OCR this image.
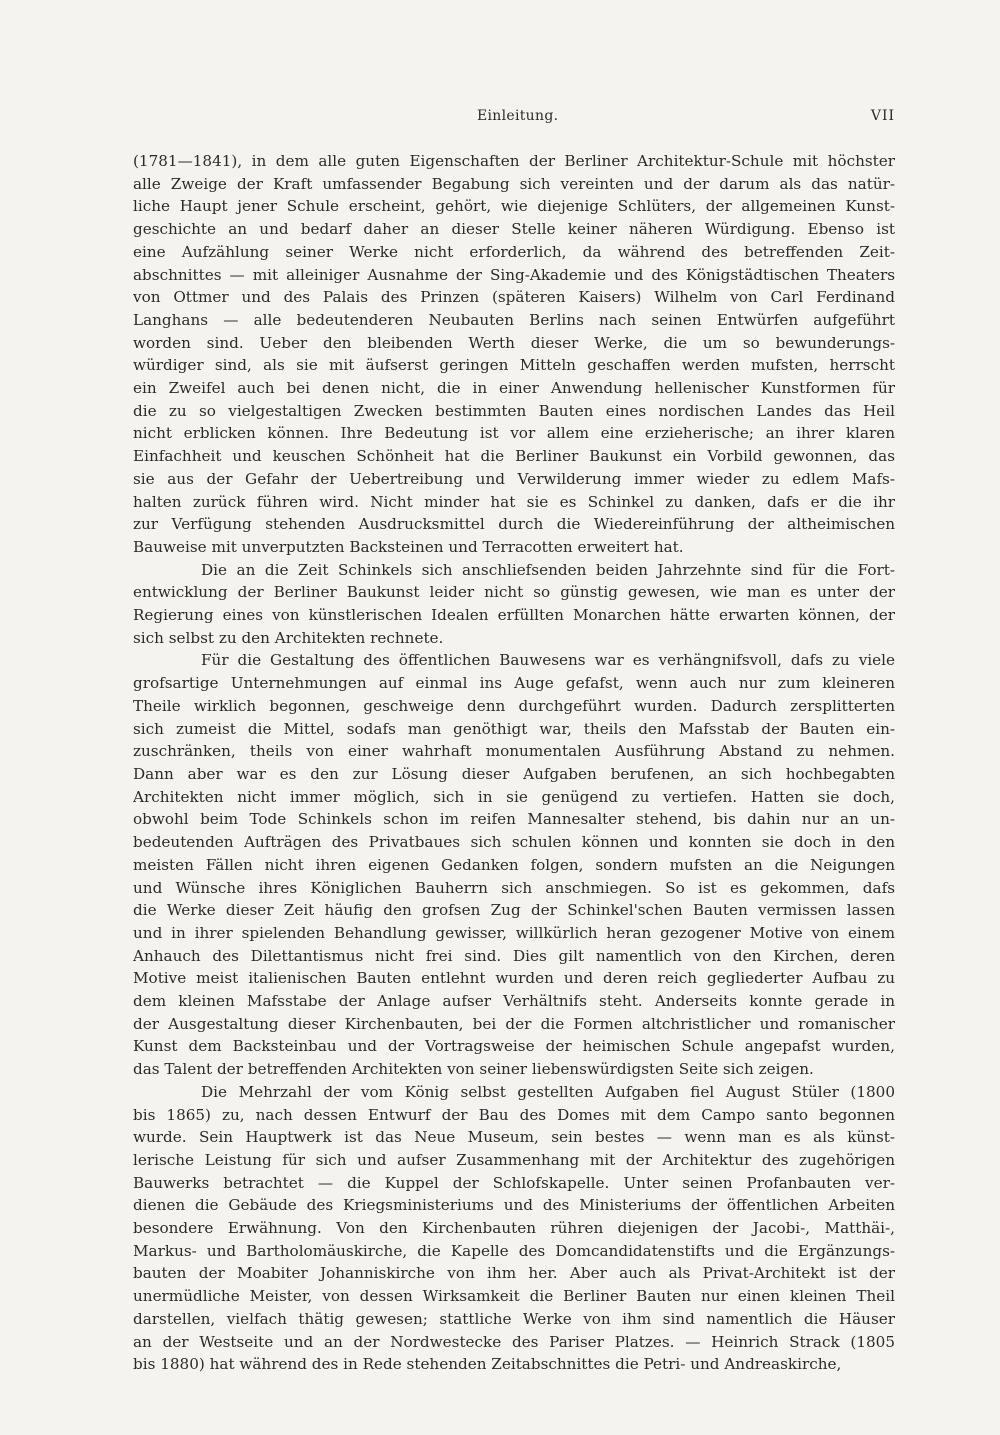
Einleitung.	VII

(1781—1841), in dem alle guten Eigenschaften der Berliner Architektur-Schule mit höchster
alle Zweige der Kraft umfassender Begabung sich vereinten und der darum als das natür-
liche Haupt jener Schule erscheint, gehört, wie diejenige Schlüters, der allgemeinen Kunst-
geschichte an und bedarf daher an dieser Stelle keiner näheren Würdigung. Ebenso ist
eine Aufzählung seiner Werke nicht erforderlich, da während des betreffenden Zeit-
abschnittes — mit alleiniger Ausnahme der Sing-Akademie und des Königstädtischen Theaters
von Ottmer und des Palais des Prinzen (späteren Kaisers) Wilhelm von Carl Ferdinand
Langhans — alle bedeutenderen Neubauten Berlins nach seinen Entwürfen aufgeführt
worden sind. Ueber den bleibenden Werth dieser Werke, die um so bewunderungs-
würdiger sind, als sie mit äufserst geringen Mitteln geschaffen werden mufsten, herrscht
ein Zweifel auch bei denen nicht, die in einer Anwendung hellenischer Kunstformen für
die zu so vielgestaltigen Zwecken bestimmten Bauten eines nordischen Landes das Heil
nicht erblicken können. Ihre Bedeutung ist vor allem eine erzieherische; an ihrer klaren
Einfachheit und keuschen Schönheit hat die Berliner Baukunst ein Vorbild gewonnen, das
sie aus der Gefahr der Uebertreibung und Verwilderung immer wieder zu edlem Mafs-
halten zurück führen wird. Nicht minder hat sie es Schinkel zu danken, dafs er die ihr
zur Verfügung stehenden Ausdrucksmittel durch die Wiedereinführung der altheimischen
Bauweise mit unverputzten Backsteinen und Terracotten erweitert hat.

Die an die Zeit Schinkels sich anschliefsenden beiden Jahrzehnte sind für die Fort-
entwicklung der Berliner Baukunst leider nicht so günstig gewesen, wie man es unter der
Regierung eines von künstlerischen Idealen erfüllten Monarchen hätte erwarten können, der
sich selbst zu den Architekten rechnete.

Für die Gestaltung des öffentlichen Bauwesens war es verhängnifsvoll, dafs zu viele
grofsartige Unternehmungen auf einmal ins Auge gefafst, wenn auch nur zum kleineren
Theile wirklich begonnen, geschweige denn durchgeführt wurden. Dadurch zersplitterten
sich zumeist die Mittel, sodafs man genöthigt war, theils den Mafsstab der Bauten ein-
zuschränken, theils von einer wahrhaft monumentalen Ausführung Abstand zu nehmen.
Dann aber war es den zur Lösung dieser Aufgaben berufenen, an sich hochbegabten
Architekten nicht immer möglich, sich in sie genügend zu vertiefen. Hatten sie doch,
obwohl beim Tode Schinkels schon im reifen Mannesalter stehend, bis dahin nur an un-
bedeutenden Aufträgen des Privatbaues sich schulen können und konnten sie doch in den
meisten Fällen nicht ihren eigenen Gedanken folgen, sondern mufsten an die Neigungen
und Wünsche ihres Königlichen Bauherrn sich anschmiegen. So ist es gekommen, dafs
die Werke dieser Zeit häufig den grofsen Zug der Schinkel'schen Bauten vermissen lassen
und in ihrer spielenden Behandlung gewisser, willkürlich heran gezogener Motive von einem
Anhauch des Dilettantismus nicht frei sind. Dies gilt namentlich von den Kirchen, deren
Motive meist italienischen Bauten entlehnt wurden und deren reich gegliederter Aufbau zu
dem kleinen Mafsstabe der Anlage aufser Verhältnifs steht. Anderseits konnte gerade in
der Ausgestaltung dieser Kirchenbauten, bei der die Formen altchristlicher und romanischer
Kunst dem Backsteinbau und der Vortragsweise der heimischen Schule angepafst wurden,
das Talent der betreffenden Architekten von seiner liebenswürdigsten Seite sich zeigen.

Die Mehrzahl der vom König selbst gestellten Aufgaben fiel August Stüler (1800
bis 1865) zu, nach dessen Entwurf der Bau des Domes mit dem Campo santo begonnen
wurde. Sein Hauptwerk ist das Neue Museum, sein bestes — wenn man es als künst-
lerische Leistung für sich und aufser Zusammenhang mit der Architektur des zugehörigen
Bauwerks betrachtet — die Kuppel der Schlofskapelle. Unter seinen Profanbauten ver-
dienen die Gebäude des Kriegsministeriums und des Ministeriums der öffentlichen Arbeiten
besondere Erwähnung. Von den Kirchenbauten rühren diejenigen der Jacobi-, Matthäi-,
Markus- und Bartholomäuskirche, die Kapelle des Domcandidatenstifts und die Ergänzungs-
bauten der Moabiter Johanniskirche von ihm her. Aber auch als Privat-Architekt ist der
unermüdliche Meister, von dessen Wirksamkeit die Berliner Bauten nur einen kleinen Theil
darstellen, vielfach thätig gewesen; stattliche Werke von ihm sind namentlich die Häuser
an der Westseite und an der Nordwestecke des Pariser Platzes. — Heinrich Strack (1805
bis 1880) hat während des in Rede stehenden Zeitabschnittes die Petri- und Andreaskirche,
